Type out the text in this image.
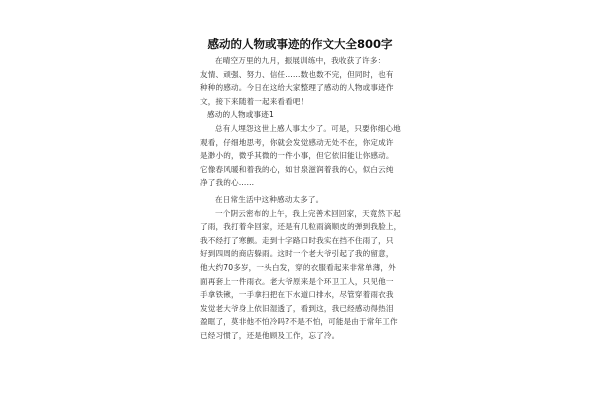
感动的人物或事迹的作文大全800字
在晴空万里的九月，振展训练中，我收获了许多：
友情、顽强、努力、信任……数也数不完，但同时，也有
种种的感动。今日在这给大家整理了感动的人物或事迹作
文，接下来随着一起来看看吧！
感动的人物或事迹1
总有人埋怨这世上感人事太少了。可是，只要你细心地
观看，仔细地思考，你就会发觉感动无处不在，你定成许
是渺小的，微乎其微的一件小事，但它依旧能让你感动。
它像春风暖和着我的心，如甘泉滋润着我的心，似白云纯
净了我的心……
在日常生活中这种感动太多了。
一个阴云密布的上午，我上完善术回回家，天竟然下起
了雨，我打着伞回家，还是有几粒雨滴顺皮的弹到我脸上，
我不经打了寒颤。走到十字路口时我实在挡不住雨了，只
好到四周的商店躲雨。这时一个老大爷引起了我的留意，
他大约70多岁，一头白发，穿的衣服看起来非常单薄，外
面再套上一件雨衣。老大爷原来是个环卫工人，只见他一
手拿铁锹，一手拿扫把在下水道口排水，尽管穿着雨衣我
发觉老大爷身上依旧湿透了，看到这，我已经感动得热泪
盈眶了，莫非他不怕冷吗?不是不怕，可能是由于常年工作
已经习惯了，还是他顾及工作，忘了冷。
